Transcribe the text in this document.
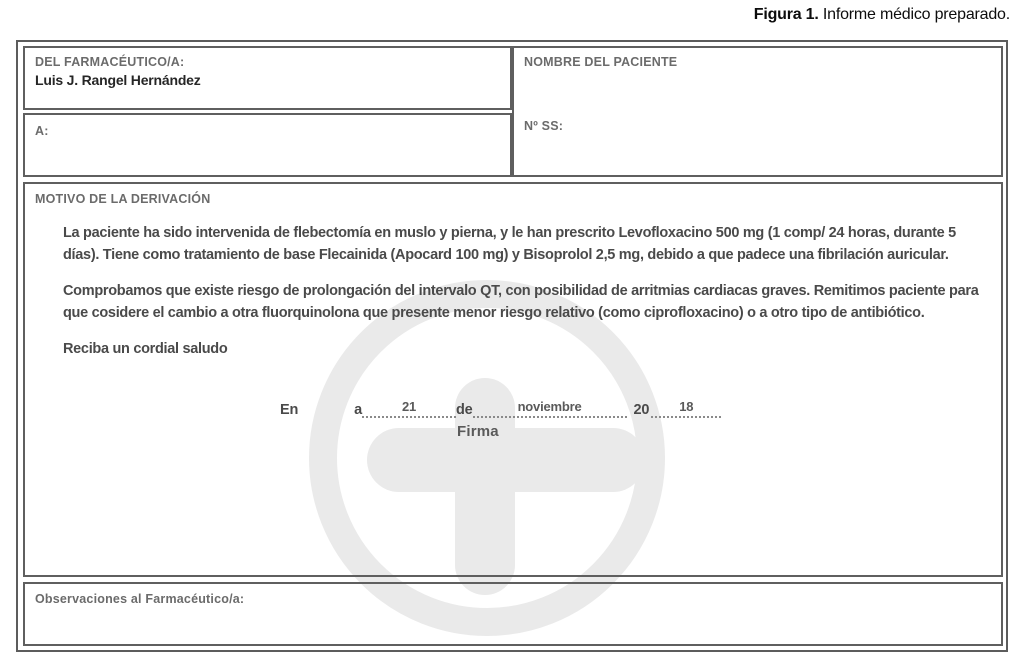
Figura 1. Informe médico preparado.
DEL FARMACÉUTICO/A:
Luis J. Rangel Hernández
A:
NOMBRE DEL PACIENTE
Nº SS:
MOTIVO DE LA DERIVACIÓN

La paciente ha sido intervenida de flebectomía en muslo y pierna, y le han prescrito Levofloxacino 500 mg (1 comp/ 24 horas, durante 5 días). Tiene como tratamiento de base Flecainida (Apocard 100 mg) y Bisoprolol 2,5 mg, debido a que padece una fibrilación auricular.

Comprobamos que existe riesgo de prolongación del intervalo QT, con posibilidad de arritmias cardiacas graves. Remitimos paciente para que cosidere el cambio a otra fluorquinolona que presente menor riesgo relativo (como ciprofloxacino) o a otro tipo de antibiótico.

Reciba un cordial saludo

En	a	21	de	noviembre	20 18
Firma
Observaciones al Farmacéutico/a:
